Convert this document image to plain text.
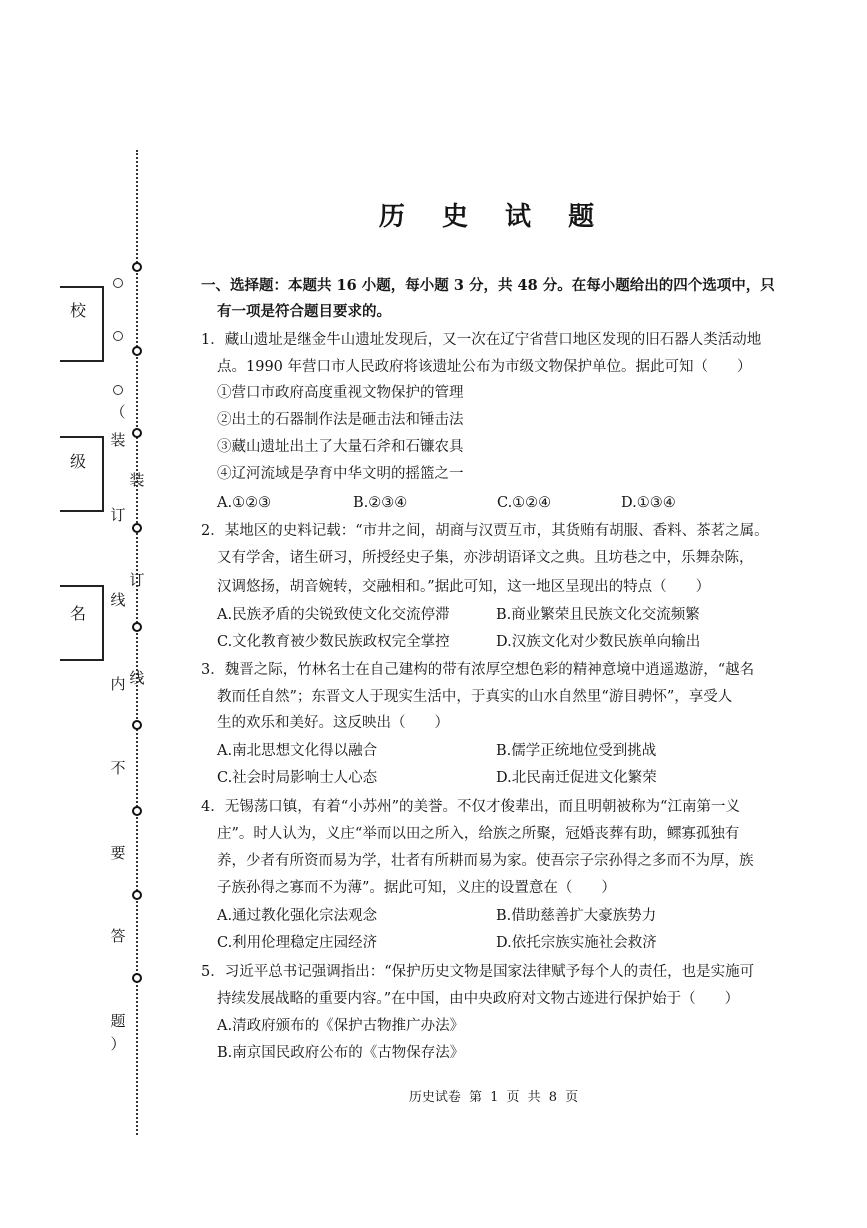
装
订
线
（
装
订
线
内
不
要
答
题
）
校
级
名
历 史 试 题
一、选择题：本题共 16 小题，每小题 3 分，共 48 分。在每小题给出的四个选项中，只
有一项是符合题目要求的。
1．藏山遗址是继金牛山遗址发现后，又一次在辽宁省营口地区发现的旧石器人类活动地
点。1990 年营口市人民政府将该遗址公布为市级文物保护单位。据此可知（　　）
①营口市政府高度重视文物保护的管理
②出土的石器制作法是砸击法和锤击法
③藏山遗址出土了大量石斧和石镰农具
④辽河流域是孕育中华文明的摇篮之一
A.①②③	B.②③④	C.①②④	D.①③④
2．某地区的史料记载：“市井之间，胡商与汉贾互市，其货贿有胡服、香料、茶茗之属。
又有学舍，诸生研习，所授经史子集，亦涉胡语译文之典。且坊巷之中，乐舞杂陈，
汉调悠扬，胡音婉转，交融相和。”据此可知，这一地区呈现出的特点（　　）
A.民族矛盾的尖锐致使文化交流停滞	B.商业繁荣且民族文化交流频繁
C.文化教育被少数民族政权完全掌控	D.汉族文化对少数民族单向输出
3．魏晋之际，竹林名士在自己建构的带有浓厚空想色彩的精神意境中逍遥遨游，“越名
教而任自然”；东晋文人于现实生活中，于真实的山水自然里“游目骋怀”，享受人
生的欢乐和美好。这反映出（　　）
A.南北思想文化得以融合	B.儒学正统地位受到挑战
C.社会时局影响士人心态	D.北民南迁促进文化繁荣
4．无锡荡口镇，有着“小苏州”的美誉。不仅才俊辈出，而且明朝被称为“江南第一义
庄”。时人认为，义庄“举而以田之所入，给族之所聚，冠婚丧葬有助，鳏寡孤独有
养，少者有所资而易为学，壮者有所耕而易为家。使吾宗子宗孙得之多而不为厚，族
子族孙得之寡而不为薄”。据此可知，义庄的设置意在（　　）
A.通过教化强化宗法观念	B.借助慈善扩大豪族势力
C.利用伦理稳定庄园经济	D.依托宗族实施社会救济
5．习近平总书记强调指出：“保护历史文物是国家法律赋予每个人的责任，也是实施可
持续发展战略的重要内容。”在中国，由中央政府对文物古迹进行保护始于（　　）
A.清政府颁布的《保护古物推广办法》
B.南京国民政府公布的《古物保存法》
历史试卷 第 1 页 共 8 页
